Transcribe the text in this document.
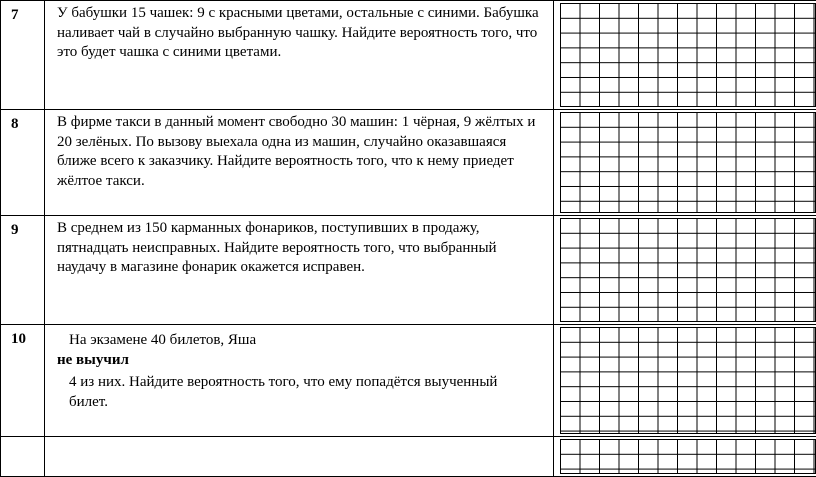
7	У бабушки 15 чашек: 9 с красными цветами, остальные с синими. Бабушка наливает чай в случайно выбранную чашку. Найдите вероятность того, что это будет чашка с синими цветами.	

8	В фирме такси в данный момент свободно 30 машин: 1 чёрная, 9 жёлтых и 20 зелёных. По вызову выехала одна из машин, случайно оказавшаяся ближе всего к заказчику. Найдите вероятность того, что к нему приедет жёлтое такси.	

9	В среднем из 150 карманных фонариков, поступивших в продажу, пятнадцать неисправных. Найдите вероятность того, что выбранный наудачу в магазине фонарик окажется исправен.	

10	На экзамене 40 билетов, Яша
не выучил
4 из них. Найдите вероятность того, что ему попадётся выученный билет.	
